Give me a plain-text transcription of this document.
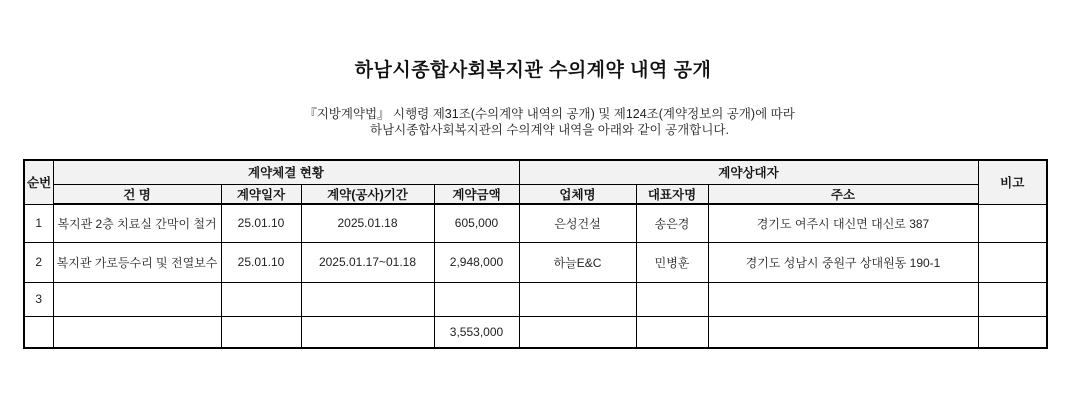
하남시종합사회복지관 수의계약 내역 공개
『지방계약법』 시행령 제31조(수의계약 내역의 공개) 및 제124조(계약정보의 공개)에 따라
하남시종합사회복지관의 수의계약 내역을 아래와 같이 공개합니다.
순번	계약체결 현황				계약상대자			비고
	건 명	계약일자	계약(공사)기간	계약금액	업체명	대표자명	주소	
1	복지관 2층 치료실 간막이 철거	25.01.10	2025.01.18	605,000	은성건설	송은경	경기도 여주시 대신면 대신로 387	
2	복지관 가로등수리 및 전열보수	25.01.10	2025.01.17~01.18	2,948,000	하늘E&C	민병훈	경기도 성남시 중원구 상대원동 190-1	
3								
				3,553,000				
